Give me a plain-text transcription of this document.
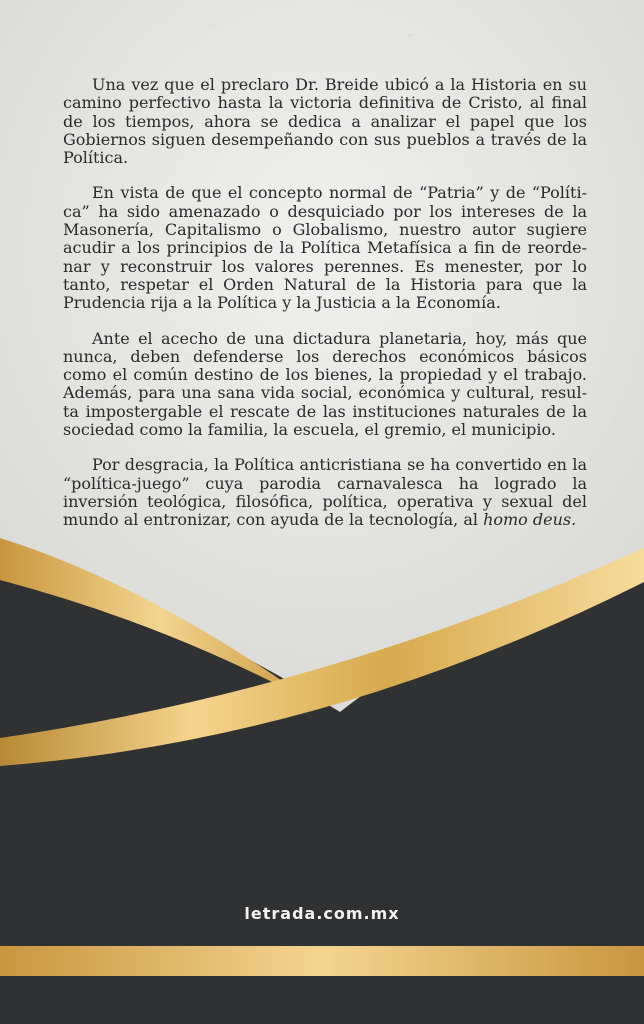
Una vez que el preclaro Dr. Breide ubicó a la Historia en su camino perfectivo hasta la victoria definitiva de Cristo, al final de los tiempos, ahora se dedica a analizar el papel que los Gobiernos siguen desempeñando con sus pueblos a través de la Política.

En vista de que el concepto normal de “Patria” y de “Política” ha sido amenazado o desquiciado por los intereses de la Masonería, Capitalismo o Globalismo, nuestro autor sugiere acudir a los principios de la Política Metafísica a fin de reordenar y reconstruir los valores perennes. Es menester, por lo tanto, respetar el Orden Natural de la Historia para que la Prudencia rija a la Política y la Justicia a la Economía.

Ante el acecho de una dictadura planetaria, hoy, más que nunca, deben defenderse los derechos económicos básicos como el común destino de los bienes, la propiedad y el trabajo. Además, para una sana vida social, económica y cultural, resulta impostergable el rescate de las instituciones naturales de la sociedad como la familia, la escuela, el gremio, el municipio.

Por desgracia, la Política anticristiana se ha convertido en la “política-juego” cuya parodia carnavalesca ha logrado la inversión teológica, filosófica, política, operativa y sexual del mundo al entronizar, con ayuda de la tecnología, al homo deus.

letrada.com.mx
